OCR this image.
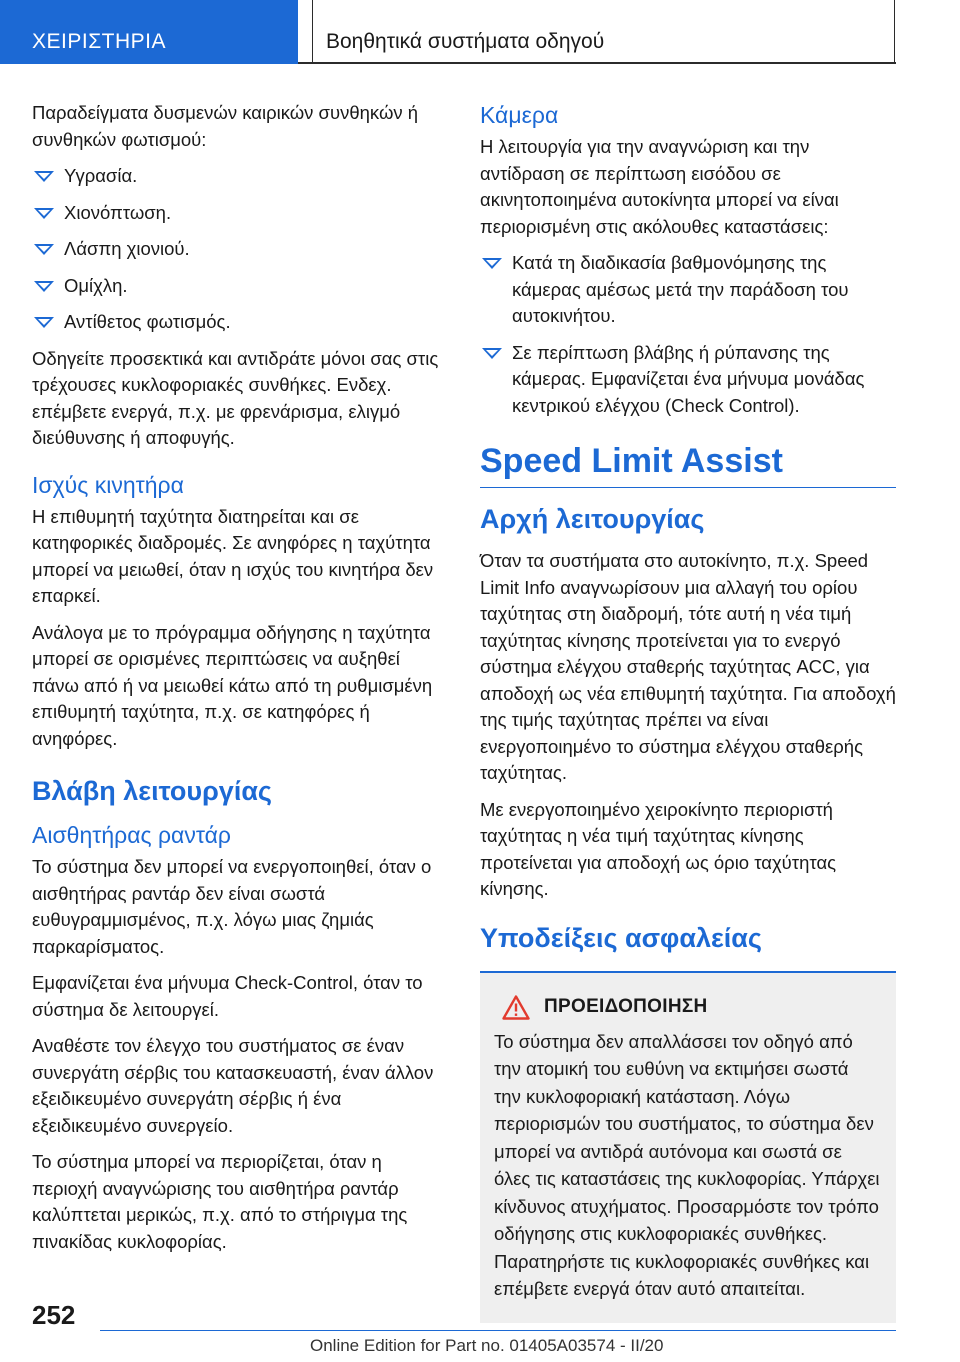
ΧΕΙΡΙΣΤΗΡΙΑ	Βοηθητικά συστήματα οδηγού

Παραδείγματα δυσμενών καιρικών συνθηκών ή συνθηκών φωτισμού:

Υγρασία.
Χιονόπτωση.
Λάσπη χιονιού.
Ομίχλη.
Αντίθετος φωτισμός.

Οδηγείτε προσεκτικά και αντιδράτε μόνοι σας στις τρέχουσες κυκλοφοριακές συνθήκες. Ενδεχ. επέμβετε ενεργά, π.χ. με φρενάρισμα, ελιγμό διεύθυνσης ή αποφυγής.

Ισχύς κινητήρα

Η επιθυμητή ταχύτητα διατηρείται και σε κατηφορικές διαδρομές. Σε ανηφόρες η ταχύτητα μπορεί να μειωθεί, όταν η ισχύς του κινητήρα δεν επαρκεί.

Ανάλογα με το πρόγραμμα οδήγησης η ταχύτητα μπορεί σε ορισμένες περιπτώσεις να αυξηθεί πάνω από ή να μειωθεί κάτω από τη ρυθμισμένη επιθυμητή ταχύτητα, π.χ. σε κατηφόρες ή ανηφόρες.

Βλάβη λειτουργίας
Αισθητήρας ραντάρ

Το σύστημα δεν μπορεί να ενεργοποιηθεί, όταν ο αισθητήρας ραντάρ δεν είναι σωστά ευθυγραμμισμένος, π.χ. λόγω μιας ζημιάς παρκαρίσματος.

Εμφανίζεται ένα μήνυμα Check-Control, όταν το σύστημα δε λειτουργεί.

Αναθέστε τον έλεγχο του συστήματος σε έναν συνεργάτη σέρβις του κατασκευαστή, έναν άλλον εξειδικευμένο συνεργάτη σέρβις ή ένα εξειδικευμένο συνεργείο.

Το σύστημα μπορεί να περιορίζεται, όταν η περιοχή αναγνώρισης του αισθητήρα ραντάρ καλύπτεται μερικώς, π.χ. από το στήριγμα της πινακίδας κυκλοφορίας.

Κάμερα

Η λειτουργία για την αναγνώριση και την αντίδραση σε περίπτωση εισόδου σε ακινητοποιημένα αυτοκίνητα μπορεί να είναι περιορισμένη στις ακόλουθες καταστάσεις:

Κατά τη διαδικασία βαθμονόμησης της κάμερας αμέσως μετά την παράδοση του αυτοκινήτου.
Σε περίπτωση βλάβης ή ρύπανσης της κάμερας. Εμφανίζεται ένα μήνυμα μονάδας κεντρικού ελέγχου (Check Control).
Speed Limit Assist
Αρχή λειτουργίας

Όταν τα συστήματα στο αυτοκίνητο, π.χ. Speed Limit Info αναγνωρίσουν μια αλλαγή του ορίου ταχύτητας στη διαδρομή, τότε αυτή η νέα τιμή ταχύτητας κίνησης προτείνεται για το ενεργό σύστημα ελέγχου σταθερής ταχύτητας ACC, για αποδοχή ως νέα επιθυμητή ταχύτητα. Για αποδοχή της τιμής ταχύτητας πρέπει να είναι ενεργοποιημένο το σύστημα ελέγχου σταθερής ταχύτητας.

Με ενεργοποιημένο χειροκίνητο περιοριστή ταχύτητας η νέα τιμή ταχύτητας κίνησης προτείνεται για αποδοχή ως όριο ταχύτητας κίνησης.

Υποδείξεις ασφαλείας
ΠΡΟΕΙΔΟΠΟΙΗΣΗ

Το σύστημα δεν απαλλάσσει τον οδηγό από την ατομική του ευθύνη να εκτιμήσει σωστά την κυκλοφοριακή κατάσταση. Λόγω περιορισμών του συστήματος, το σύστημα δεν μπορεί να αντιδρά αυτόνομα και σωστά σε όλες τις καταστάσεις της κυκλοφορίας. Υπάρχει κίνδυνος ατυχήματος. Προσαρμόστε τον τρόπο οδήγησης στις κυκλοφοριακές συνθήκες. Παρατηρήστε τις κυκλοφοριακές συνθήκες και επέμβετε ενεργά όταν αυτό απαιτείται.

252
Online Edition for Part no. 01405A03574 - II/20
